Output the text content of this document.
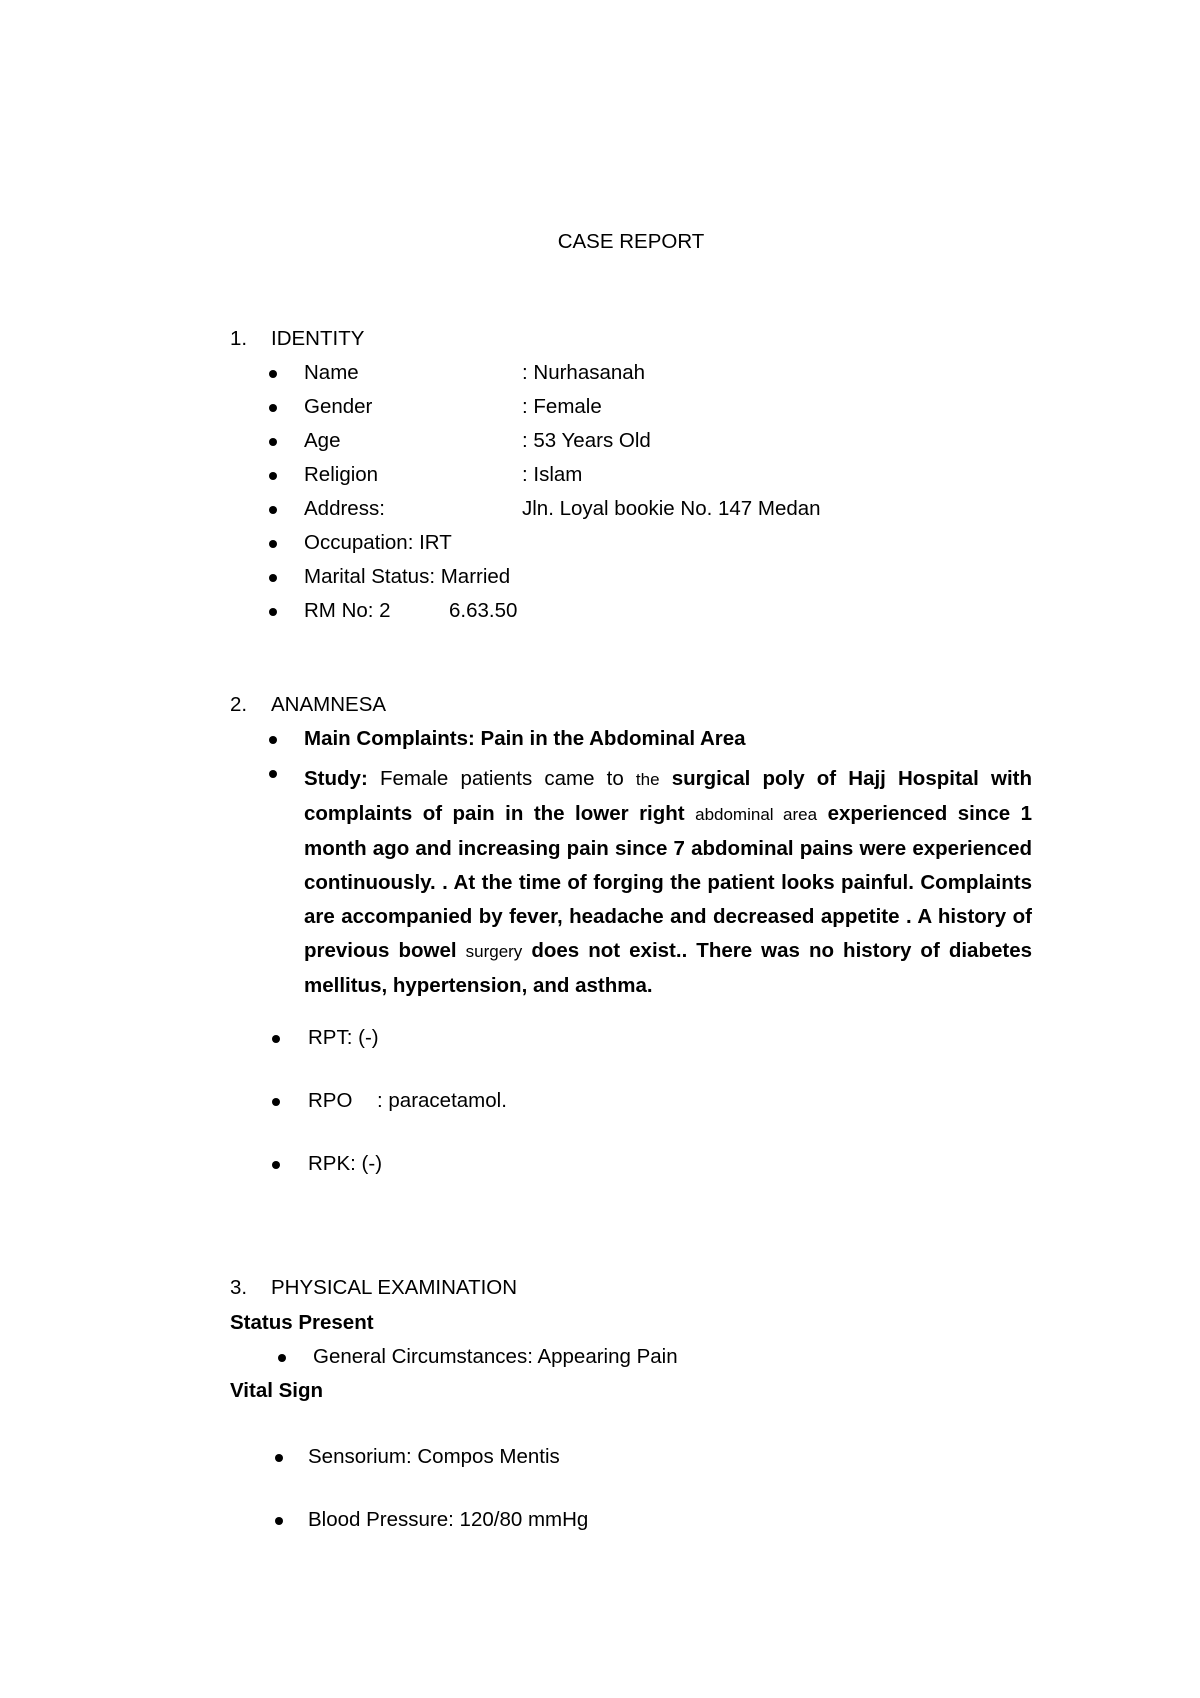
CASE REPORT
1. IDENTITY
Name	: Nurhasanah
Gender	: Female
Age	: 53 Years Old
Religion	: Islam
Address:	Jln. Loyal bookie No. 147 Medan
Occupation: IRT
Marital Status: Married
RM No: 2	6.63.50
2. ANAMNESA
Main Complaints: Pain in the Abdominal Area
Study: Female patients came to the surgical poly of Hajj Hospital with complaints of pain in the lower right abdominal area experienced since 1 month ago and increasing pain since 7 abdominal pains were experienced continuously. . At the time of forging the patient looks painful. Complaints are accompanied by fever, headache and decreased appetite . A history of previous bowel surgery does not exist.. There was no history of diabetes mellitus, hypertension, and asthma.
RPT: (-)
RPO : paracetamol.
RPK: (-)
3. PHYSICAL EXAMINATION
Status Present
General Circumstances: Appearing Pain
Vital Sign
Sensorium: Compos Mentis
Blood Pressure: 120/80 mmHg
